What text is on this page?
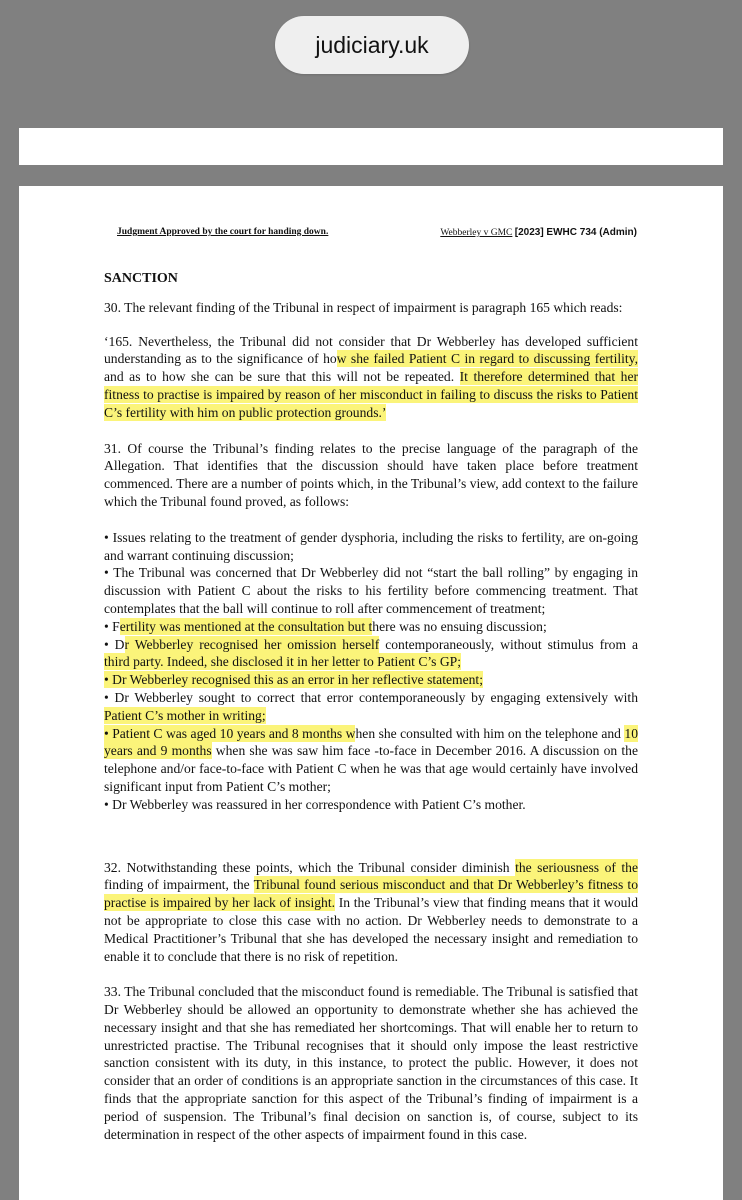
judiciary.uk
Judgment Approved by the court for handing down.	Webberley v GMC [2023] EWHC 734 (Admin)

SANCTION

30. The relevant finding of the Tribunal in respect of impairment is paragraph 165 which reads:

‘165. Nevertheless, the Tribunal did not consider that Dr Webberley has developed sufficient understanding as to the significance of how she failed Patient C in regard to discussing fertility, and as to how she can be sure that this will not be repeated. It therefore determined that her fitness to practise is impaired by reason of her misconduct in failing to discuss the risks to Patient C’s fertility with him on public protection grounds.’

31. Of course the Tribunal’s finding relates to the precise language of the paragraph of the Allegation. That identifies that the discussion should have taken place before treatment commenced. There are a number of points which, in the Tribunal’s view, add context to the failure which the Tribunal found proved, as follows:

• Issues relating to the treatment of gender dysphoria, including the risks to fertility, are on-going and warrant continuing discussion;

• The Tribunal was concerned that Dr Webberley did not “start the ball rolling” by engaging in discussion with Patient C about the risks to his fertility before commencing treatment. That contemplates that the ball will continue to roll after commencement of treatment;

• Fertility was mentioned at the consultation but there was no ensuing discussion;

• Dr Webberley recognised her omission herself contemporaneously, without stimulus from a third party. Indeed, she disclosed it in her letter to Patient C’s GP;

• Dr Webberley recognised this as an error in her reflective statement;

• Dr Webberley sought to correct that error contemporaneously by engaging extensively with Patient C’s mother in writing;

• Patient C was aged 10 years and 8 months when she consulted with him on the telephone and 10 years and 9 months when she was saw him face -to-face in December 2016. A discussion on the telephone and/or face-to-face with Patient C when he was that age would certainly have involved significant input from Patient C’s mother;

• Dr Webberley was reassured in her correspondence with Patient C’s mother.

32. Notwithstanding these points, which the Tribunal consider diminish the seriousness of the finding of impairment, the Tribunal found serious misconduct and that Dr Webberley’s fitness to practise is impaired by her lack of insight. In the Tribunal’s view that finding means that it would not be appropriate to close this case with no action. Dr Webberley needs to demonstrate to a Medical Practitioner’s Tribunal that she has developed the necessary insight and remediation to enable it to conclude that there is no risk of repetition.

33. The Tribunal concluded that the misconduct found is remediable. The Tribunal is satisfied that Dr Webberley should be allowed an opportunity to demonstrate whether she has achieved the necessary insight and that she has remediated her shortcomings. That will enable her to return to unrestricted practise. The Tribunal recognises that it should only impose the least restrictive sanction consistent with its duty, in this instance, to protect the public. However, it does not consider that an order of conditions is an appropriate sanction in the circumstances of this case. It finds that the appropriate sanction for this aspect of the Tribunal’s finding of impairment is a period of suspension. The Tribunal’s final decision on sanction is, of course, subject to its determination in respect of the other aspects of impairment found in this case.
